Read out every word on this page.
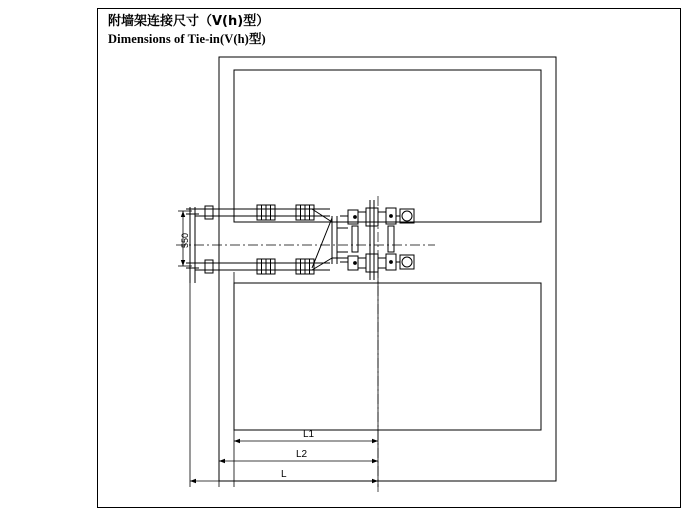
附墙架连接尺寸（V(h)型）
Dimensions of Tie-in(V(h)型)
550
L1
L2
L
